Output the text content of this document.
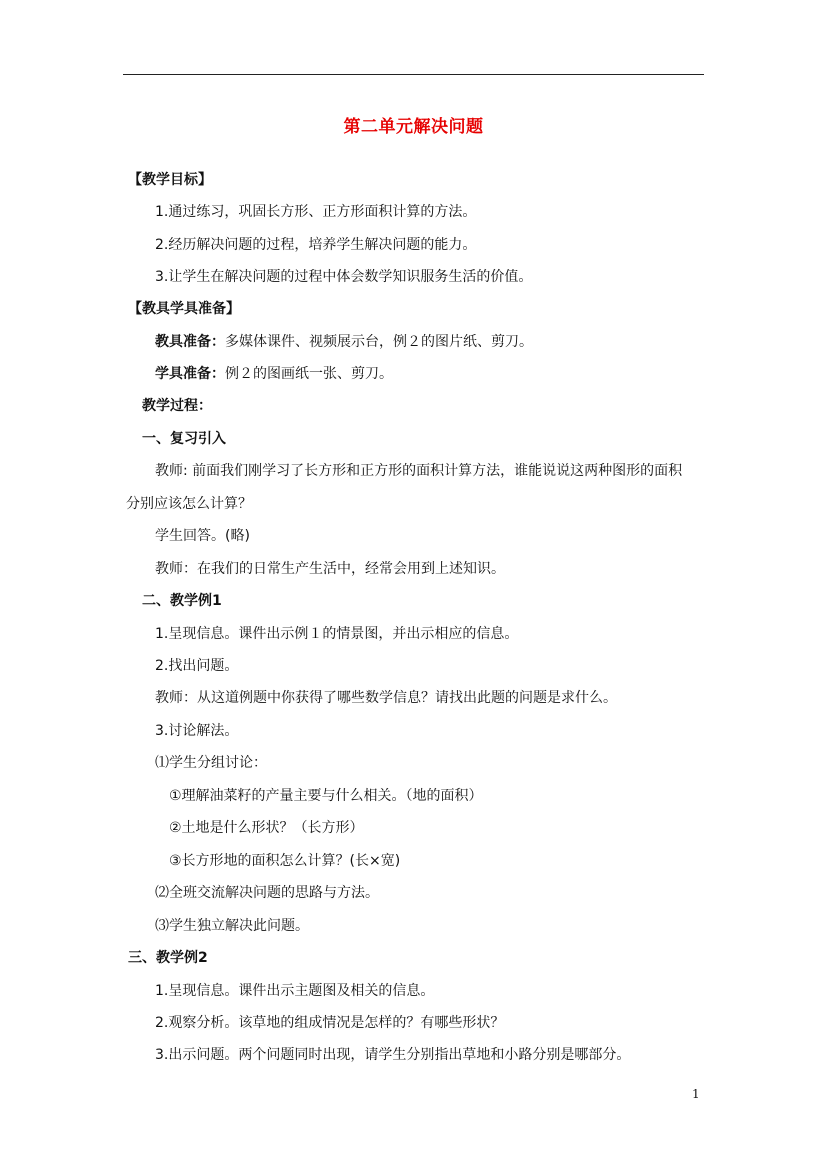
第二单元解决问题
【教学目标】
1.通过练习，巩固长方形、正方形面积计算的方法。
2.经历解决问题的过程，培养学生解决问题的能力。
3.让学生在解决问题的过程中体会数学知识服务生活的价值。
【教具学具准备】
教具准备：多媒体课件、视频展示台，例２的图片纸、剪刀。
学具准备：例２的图画纸一张、剪刀。
教学过程：
一、复习引入
教师: 前面我们刚学习了长方形和正方形的面积计算方法，谁能说说这两种图形的面积
分别应该怎么计算？
学生回答。(略)
教师：在我们的日常生产生活中，经常会用到上述知识。
二、教学例1
1.呈现信息。课件出示例１的情景图，并出示相应的信息。
2.找出问题。
教师：从这道例题中你获得了哪些数学信息？请找出此题的问题是求什么。
3.讨论解法。
⑴学生分组讨论：
①理解油菜籽的产量主要与什么相关。（地的面积）
②土地是什么形状？（长方形）
③长方形地的面积怎么计算？(长×宽)
⑵全班交流解决问题的思路与方法。
⑶学生独立解决此问题。
三、教学例2
1.呈现信息。课件出示主题图及相关的信息。
2.观察分析。该草地的组成情况是怎样的？有哪些形状？
3.出示问题。两个问题同时出现，请学生分别指出草地和小路分别是哪部分。
1
